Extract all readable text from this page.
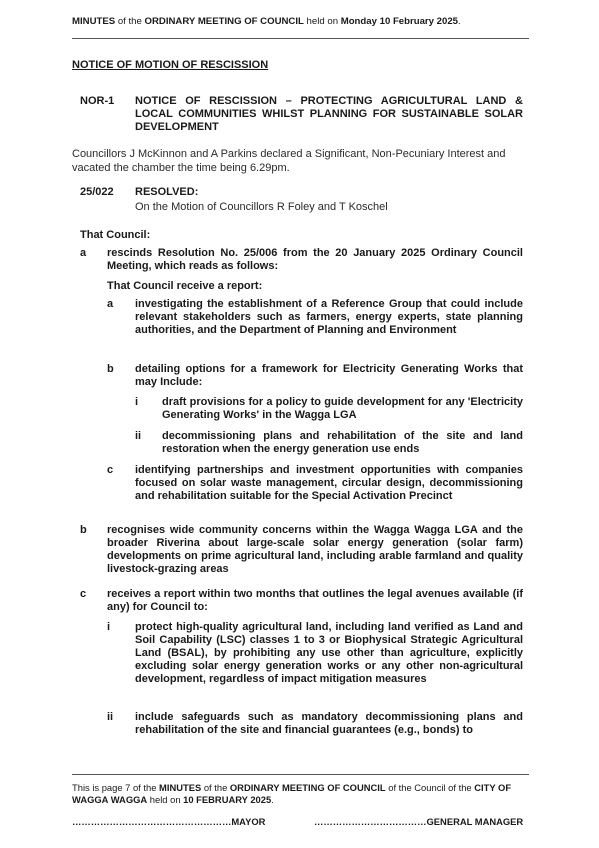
MINUTES of the ORDINARY MEETING OF COUNCIL held on Monday 10 February 2025.
NOTICE OF MOTION OF RESCISSION
NOR-1 NOTICE OF RESCISSION – PROTECTING AGRICULTURAL LAND & LOCAL COMMUNITIES WHILST PLANNING FOR SUSTAINABLE SOLAR DEVELOPMENT
Councillors J McKinnon and A Parkins declared a Significant, Non-Pecuniary Interest and vacated the chamber the time being 6.29pm.
25/022 RESOLVED:
On the Motion of Councillors R Foley and T Koschel
That Council:
a rescinds Resolution No. 25/006 from the 20 January 2025 Ordinary Council Meeting, which reads as follows:
That Council receive a report:
a investigating the establishment of a Reference Group that could include relevant stakeholders such as farmers, energy experts, state planning authorities, and the Department of Planning and Environment
b detailing options for a framework for Electricity Generating Works that may Include:
i draft provisions for a policy to guide development for any 'Electricity Generating Works' in the Wagga LGA
ii decommissioning plans and rehabilitation of the site and land restoration when the energy generation use ends
c identifying partnerships and investment opportunities with companies focused on solar waste management, circular design, decommissioning and rehabilitation suitable for the Special Activation Precinct
b recognises wide community concerns within the Wagga Wagga LGA and the broader Riverina about large-scale solar energy generation (solar farm) developments on prime agricultural land, including arable farmland and quality livestock-grazing areas
c receives a report within two months that outlines the legal avenues available (if any) for Council to:
i protect high-quality agricultural land, including land verified as Land and Soil Capability (LSC) classes 1 to 3 or Biophysical Strategic Agricultural Land (BSAL), by prohibiting any use other than agriculture, explicitly excluding solar energy generation works or any other non-agricultural development, regardless of impact mitigation measures
ii include safeguards such as mandatory decommissioning plans and rehabilitation of the site and financial guarantees (e.g., bonds) to
This is page 7 of the MINUTES of the ORDINARY MEETING OF COUNCIL of the Council of the CITY OF WAGGA WAGGA held on 10 FEBRUARY 2025.
……………………………………………MAYOR	………………………………GENERAL MANAGER
